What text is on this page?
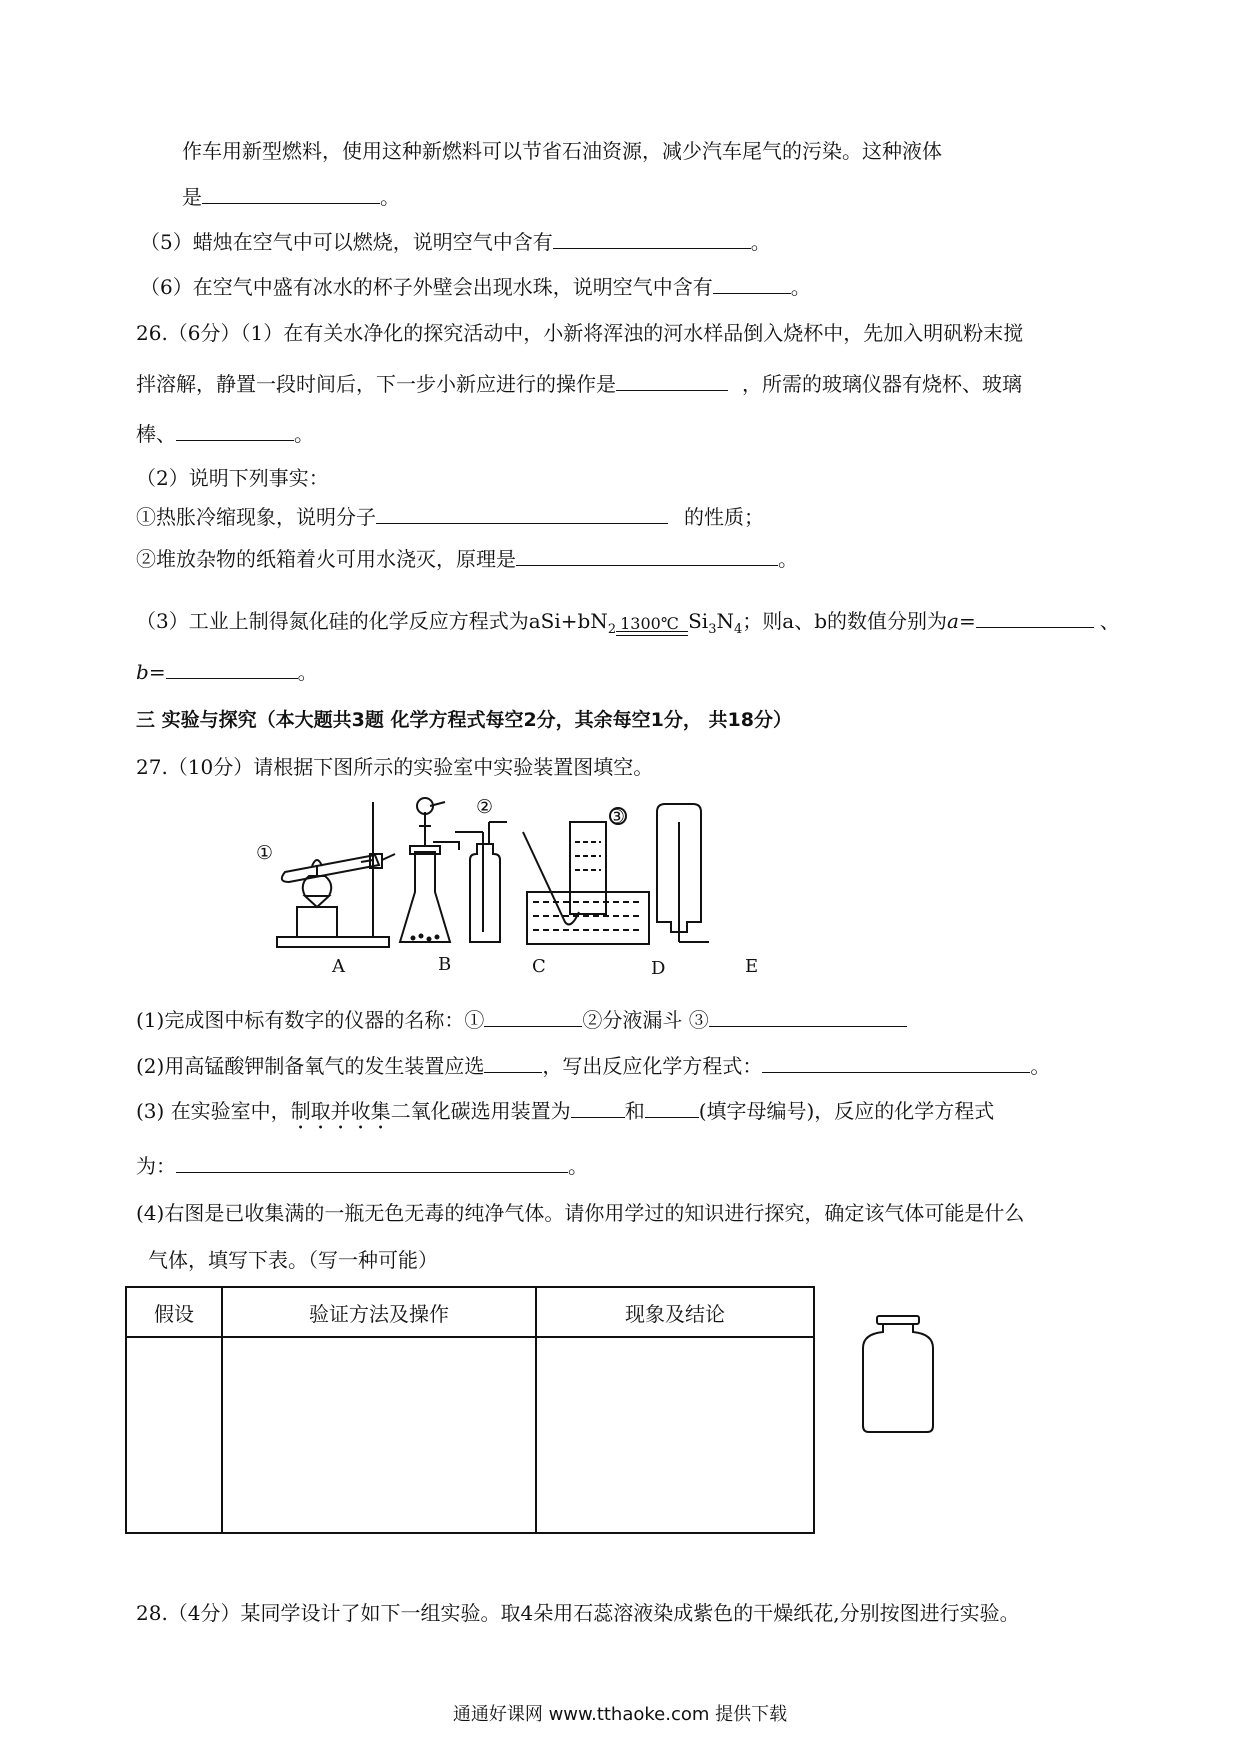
作车用新型燃料，使用这种新燃料可以节省石油资源，减少汽车尾气的污染。这种液体
是	。
（5）蜡烛在空气中可以燃烧，说明空气中含有	。
（6）在空气中盛有冰水的杯子外壁会出现水珠，说明空气中含有	。
26.（6分）（1）在有关水净化的探究活动中，小新将浑浊的河水样品倒入烧杯中，先加入明矾粉末搅
拌溶解，静置一段时间后，下一步小新应进行的操作是	，所需的玻璃仪器有烧杯、玻璃
棒、	。
（2）说明下列事实：
①热胀冷缩现象，说明分子	的性质；
②堆放杂物的纸箱着火可用水浇灭，原理是	。
（3）工业上制得氮化硅的化学反应方程式为$aSi+bN_2$ 1300℃ $Si_3N_4$；则a、b的数值分别为a=	、
b=	。
三 实验与探究（本大题共3题 化学方程式每空2分，其余每空1分， 共18分）
27.（10分）请根据下图所示的实验室中实验装置图填空。
①
②	③
A	B	C	D	E
(1)完成图中标有数字的仪器的名称：①	②分液漏斗 ③
(2)用高锰酸钾制备氧气的发生装置应选	，写出反应化学方程式：	。
(3) 在实验室中，制取并收集二氧化碳选用装置为	和	(填字母编号)，反应的化学方程式
为：	。
(4)右图是已收集满的一瓶无色无毒的纯净气体。请你用学过的知识进行探究，确定该气体可能是什么
气体，填写下表。（写一种可能）
假设	验证方法及操作	现象及结论

28.（4分）某同学设计了如下一组实验。取4朵用石蕊溶液染成紫色的干燥纸花,分别按图进行实验。
通通好课网 www.tthaoke.com 提供下载
